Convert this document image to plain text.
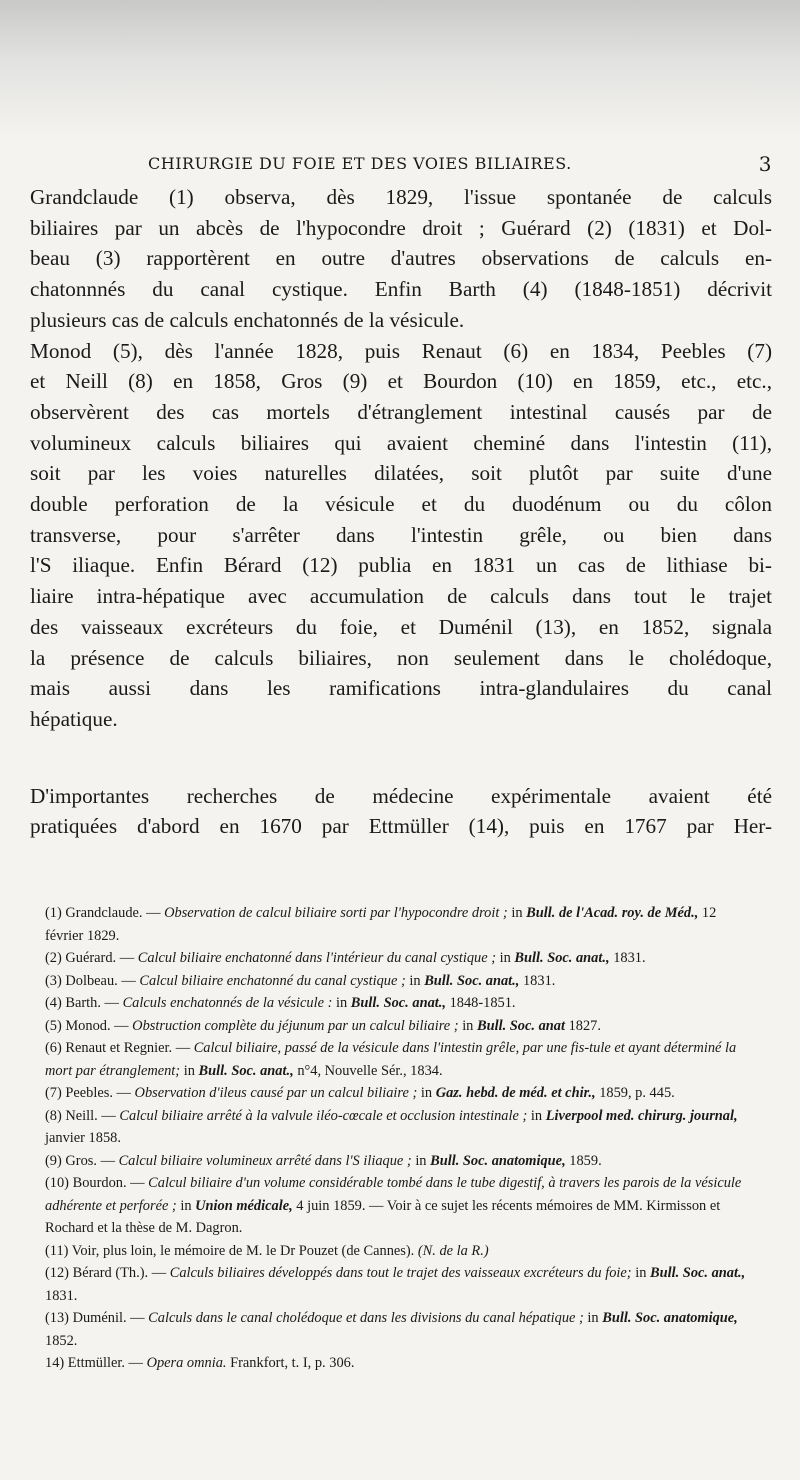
CHIRURGIE DU FOIE ET DES VOIES BILIAIRES.	3

Grandclaude (1) observa, dès 1829, l'issue spontanée de calculs

biliaires par un abcès de l'hypocondre droit ; Guérard (2) (1831) et Dol-

beau (3) rapportèrent en outre d'autres observations de calculs en-

chatonnnés du canal cystique. Enfin Barth (4) (1848-1851) décrivit

plusieurs cas de calculs enchatonnés de la vésicule.

Monod (5), dès l'année 1828, puis Renaut (6) en 1834, Peebles (7)

et Neill (8) en 1858, Gros (9) et Bourdon (10) en 1859, etc., etc.,

observèrent des cas mortels d'étranglement intestinal causés par de

volumineux calculs biliaires qui avaient cheminé dans l'intestin (11),

soit par les voies naturelles dilatées, soit plutôt par suite d'une

double perforation de la vésicule et du duodénum ou du côlon

transverse, pour s'arrêter dans l'intestin grêle, ou bien dans

l'S iliaque. Enfin Bérard (12) publia en 1831 un cas de lithiase bi-

liaire intra-hépatique avec accumulation de calculs dans tout le trajet

des vaisseaux excréteurs du foie, et Duménil (13), en 1852, signala

la présence de calculs biliaires, non seulement dans le cholédoque,

mais aussi dans les ramifications intra-glandulaires du canal

hépatique.

D'importantes recherches de médecine expérimentale avaient été

pratiquées d'abord en 1670 par Ettmüller (14), puis en 1767 par Her-

(1) Grandclaude. — Observation de calcul biliaire sorti par l'hypocondre droit ; in Bull. de l'Acad. roy. de Méd., 12 février 1829.

(2) Guérard. — Calcul biliaire enchatonné dans l'intérieur du canal cystique ; in Bull. Soc. anat., 1831.

(3) Dolbeau. — Calcul biliaire enchatonné du canal cystique ; in Bull. Soc. anat., 1831.

(4) Barth. — Calculs enchatonnés de la vésicule : in Bull. Soc. anat., 1848-1851.

(5) Monod. — Obstruction complète du jéjunum par un calcul biliaire ; in Bull. Soc. anat 1827.

(6) Renaut et Regnier. — Calcul biliaire, passé de la vésicule dans l'intestin grêle, par une fis-tule et ayant déterminé la mort par étranglement; in Bull. Soc. anat., n°4, Nouvelle Sér., 1834.

(7) Peebles. — Observation d'ileus causé par un calcul biliaire ; in Gaz. hebd. de méd. et chir., 1859, p. 445.

(8) Neill. — Calcul biliaire arrêté à la valvule iléo-cœcale et occlusion intestinale ; in Liverpool med. chirurg. journal, janvier 1858.

(9) Gros. — Calcul biliaire volumineux arrêté dans l'S iliaque ; in Bull. Soc. anatomique, 1859.

(10) Bourdon. — Calcul biliaire d'un volume considérable tombé dans le tube digestif, à travers les parois de la vésicule adhérente et perforée ; in Union médicale, 4 juin 1859. — Voir à ce sujet les récents mémoires de MM. Kirmisson et Rochard et la thèse de M. Dagron.

(11) Voir, plus loin, le mémoire de M. le Dr Pouzet (de Cannes). (N. de la R.)

(12) Bérard (Th.). — Calculs biliaires développés dans tout le trajet des vaisseaux excréteurs du foie; in Bull. Soc. anat., 1831.

(13) Duménil. — Calculs dans le canal cholédoque et dans les divisions du canal hépatique ; in Bull. Soc. anatomique, 1852.

14) Ettmüller. — Opera omnia. Frankfort, t. I, p. 306.
